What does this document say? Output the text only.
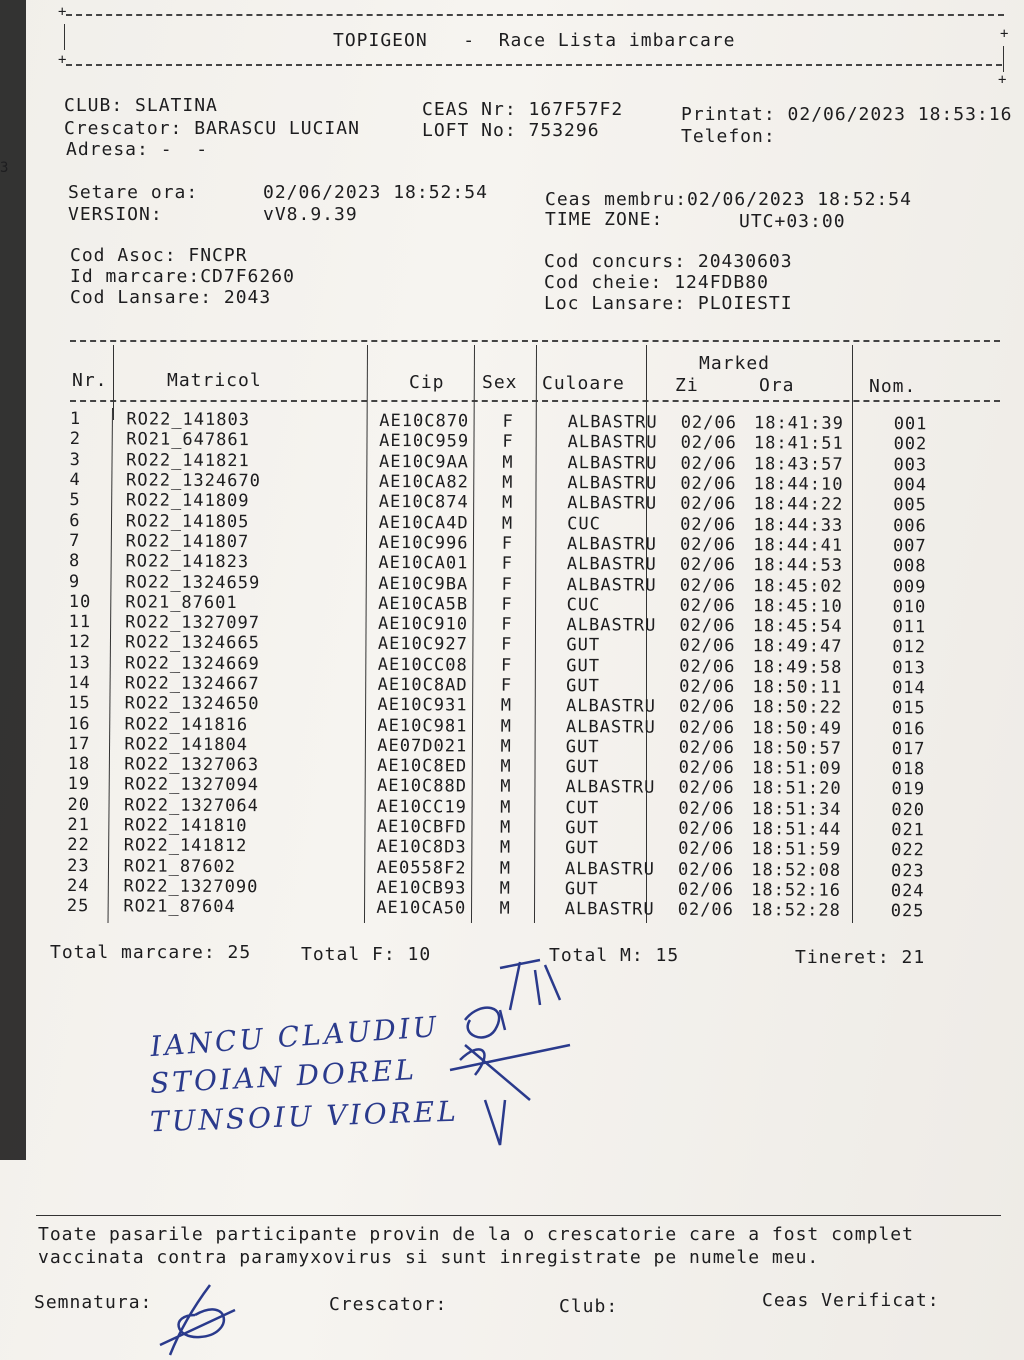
3
+
+
TOPIGEON   -  Race Lista imbarcare
+
+
CLUB: SLATINA
Crescator: BARASCU LUCIAN
Adresa: -  -
CEAS Nr: 167F57F2
LOFT No: 753296
Printat: 02/06/2023 18:53:16
Telefon:
Setare ora:	02/06/2023 18:52:54
VERSION:	vV8.9.39
Ceas membru:02/06/2023 18:52:54
TIME ZONE:	UTC+03:00
Cod Asoc: FNCPR
Id marcare:CD7F6260
Cod Lansare: 2043
Cod concurs: 20430603
Cod cheie: 124FDB80
Loc Lansare: PLOIESTI
Nr.	Matricol	Cip Sex Culoare
Marked
Zi	Ora	Nom.
1	RO22_141803	AE10C870	F	ALBASTRU	02/06	18:41:39	001
2	RO21_647861	AE10C959	F	ALBASTRU	02/06	18:41:51	002
3	RO22_141821	AE10C9AA	M	ALBASTRU	02/06	18:43:57	003
4	RO22_1324670	AE10CA82	M	ALBASTRU	02/06	18:44:10	004
5	RO22_141809	AE10C874	M	ALBASTRU	02/06	18:44:22	005
6	RO22_141805	AE10CA4D	M	CUC	02/06	18:44:33	006
7	RO22_141807	AE10C996	F	ALBASTRU	02/06	18:44:41	007
8	RO22_141823	AE10CA01	F	ALBASTRU	02/06	18:44:53	008
9	RO22_1324659	AE10C9BA	F	ALBASTRU	02/06	18:45:02	009
10	RO21_87601	AE10CA5B	F	CUC	02/06	18:45:10	010
11	RO22_1327097	AE10C910	F	ALBASTRU	02/06	18:45:54	011
12	RO22_1324665	AE10C927	F	GUT	02/06	18:49:47	012
13	RO22_1324669	AE10CC08	F	GUT	02/06	18:49:58	013
14	RO22_1324667	AE10C8AD	F	GUT	02/06	18:50:11	014
15	RO22_1324650	AE10C931	M	ALBASTRU	02/06	18:50:22	015
16	RO22_141816	AE10C981	M	ALBASTRU	02/06	18:50:49	016
17	RO22_141804	AE07D021	M	GUT	02/06	18:50:57	017
18	RO22_1327063	AE10C8ED	M	GUT	02/06	18:51:09	018
19	RO22_1327094	AE10C88D	M	ALBASTRU	02/06	18:51:20	019
20	RO22_1327064	AE10CC19	M	CUT	02/06	18:51:34	020
21	RO22_141810	AE10CBFD	M	GUT	02/06	18:51:44	021
22	RO22_141812	AE10C8D3	M	GUT	02/06	18:51:59	022
23	RO21_87602	AE0558F2	M	ALBASTRU	02/06	18:52:08	023
24	RO22_1327090	AE10CB93	M	GUT	02/06	18:52:16	024
25	RO21_87604	AE10CA50	M	ALBASTRU	02/06	18:52:28	025
Total marcare: 25	Total F: 10	Total M: 15	Tineret: 21
IANCU CLAUDIU
STOIAN DOREL
TUNSOIU VIOREL
Toate pasarile participante provin de la o crescatorie care a fost complet
vaccinata contra paramyxovirus si sunt inregistrate pe numele meu.
Semnatura:	Crescator:	Club:	Ceas Verificat:
